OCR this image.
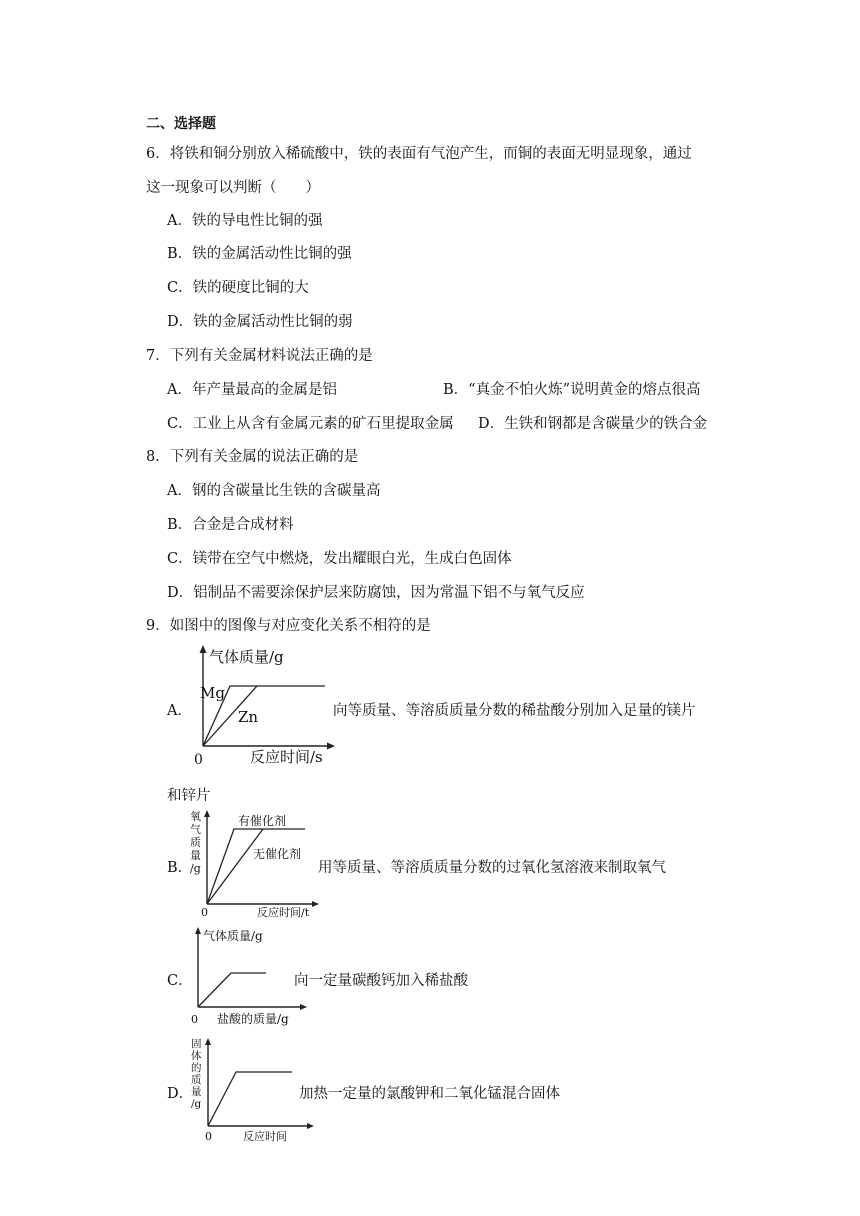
二、选择题
6．将铁和铜分别放入稀硫酸中，铁的表面有气泡产生，而铜的表面无明显现象，通过
这一现象可以判断（　　）
A．铁的导电性比铜的强
B．铁的金属活动性比铜的强
C．铁的硬度比铜的大
D．铁的金属活动性比铜的弱
7．下列有关金属材料说法正确的是
A．年产量最高的金属是铝	B．“真金不怕火炼”说明黄金的熔点很高
C．工业上从含有金属元素的矿石里提取金属 D．生铁和钢都是含碳量少的铁合金
8．下列有关金属的说法正确的是
A．钢的含碳量比生铁的含碳量高
B．合金是合成材料
C．镁带在空气中燃烧，发出耀眼白光，生成白色固体
D．铝制品不需要涂保护层来防腐蚀，因为常温下铝不与氧气反应
9．如图中的图像与对应变化关系不相符的是
A．
气体质量/g
Mg
Zn
0	反应时间/s
向等质量、等溶质质量分数的稀盐酸分别加入足量的镁片
和锌片
B．
氧
气
质
量
/g
有催化剂
无催化剂
0	反应时间/t
用等质量、等溶质质量分数的过氧化氢溶液来制取氧气
C．
气体质量/g
0 盐酸的质量/g
向一定量碳酸钙加入稀盐酸
D．
固
体
的
质
量
/g
0	反应时间
加热一定量的氯酸钾和二氧化锰混合固体
